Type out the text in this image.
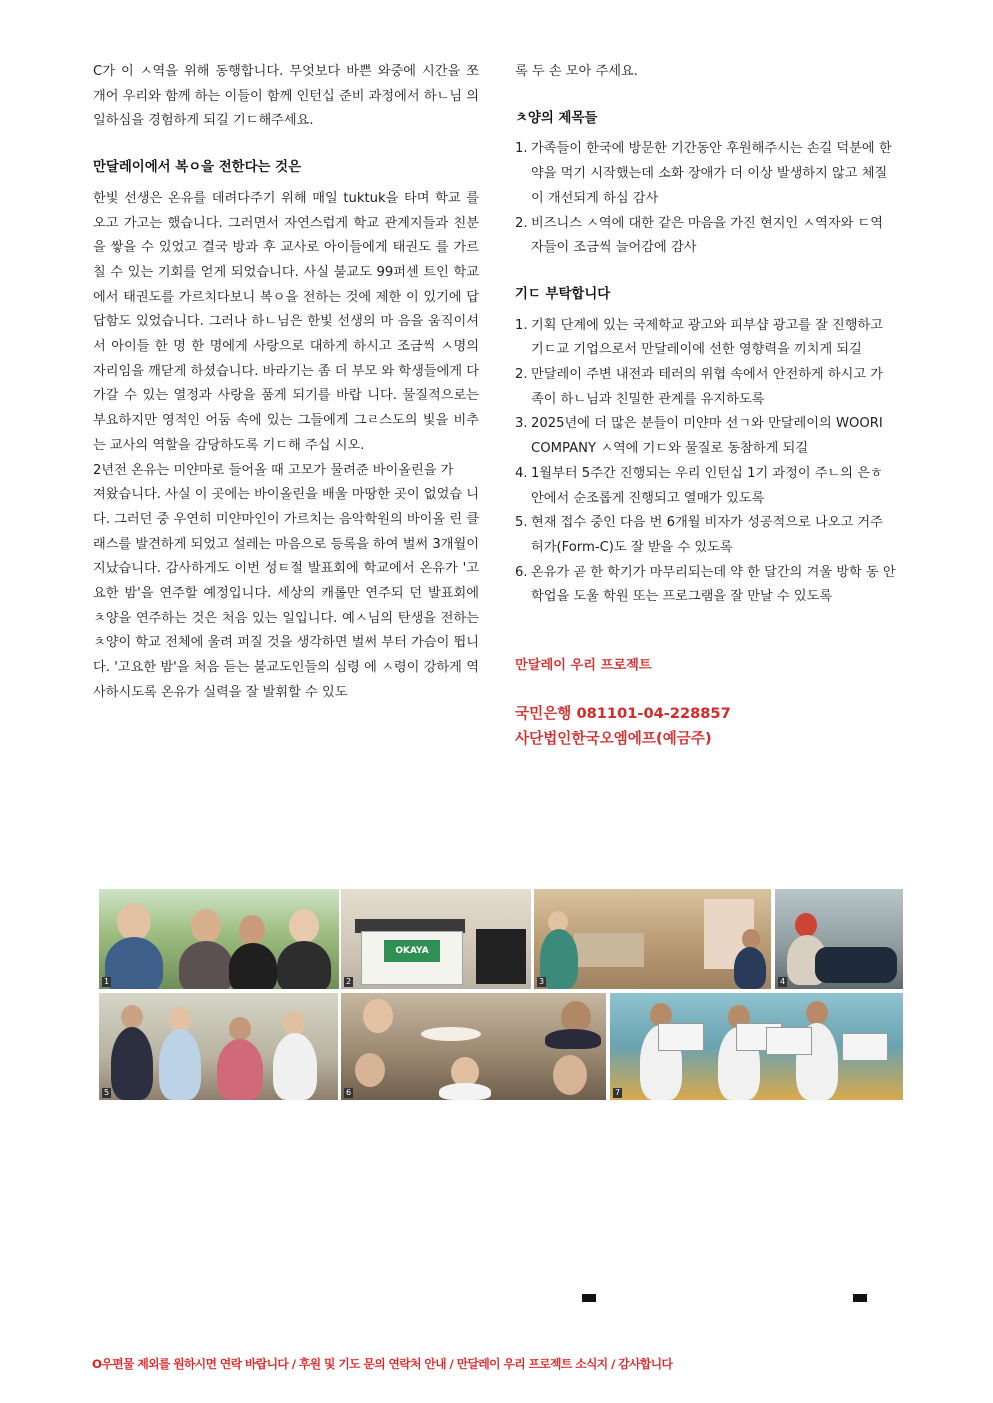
C가 이 ㅅ역을 위해 동행합니다. 무엇보다 바쁜 와중에 시간을 쪼 개어 우리와 함께 하는 이들이 함께 인턴십 준비 과정에서 하ㄴ님 의 일하심을 경험하게 되길 기ㄷ해주세요.

만달레이에서 복ㅇ을 전한다는 것은

한빛 선생은 온유를 데려다주기 위해 매일 tuktuk을 타며 학교 를 오고 가고는 했습니다. 그러면서 자연스럽게 학교 관계지들과 친분을 쌓을 수 있었고 결국 방과 후 교사로 아이들에게 태권도 를 가르칠 수 있는 기회를 얻게 되었습니다. 사실 불교도 99퍼센 트인 학교에서 태권도를 가르치다보니 복ㅇ을 전하는 것에 제한 이 있기에 답답함도 있었습니다. 그러나 하ㄴ님은 한빛 선생의 마 음을 움직이셔서 아이들 한 명 한 명에게 사랑으로 대하게 하시고 조금씩 ㅅ명의 자리임을 깨닫게 하셨습니다. 바라기는 좀 더 부모 와 학생들에게 다가갈 수 있는 열정과 사랑을 품게 되기를 바랍 니다. 물질적으로는 부요하지만 영적인 어둠 속에 있는 그들에게 그ㄹ스도의 빛을 비추는 교사의 역할을 감당하도록 기ㄷ해 주십 시오.

2년전 온유는 미얀마로 들어올 때 고모가 물려준 바이올린을 가

져왔습니다. 사실 이 곳에는 바이올린을 배울 마땅한 곳이 없었습 니다. 그러던 중 우연히 미얀마인이 가르치는 음악학원의 바이올 린 클래스를 발견하게 되었고 설레는 마음으로 등록을 하여 벌써 3개월이 지났습니다. 감사하게도 이번 성ㅌ절 발표회에 학교에서 온유가 '고요한 밤'을 연주할 예정입니다. 세상의 캐롤만 연주되 던 발표회에 ㅊ양을 연주하는 것은 처음 있는 일입니다. 예ㅅ님의 탄생을 전하는 ㅊ양이 학교 전체에 울려 퍼질 것을 생각하면 벌써 부터 가슴이 뜁니다. '고요한 밤'을 처음 듣는 불교도인들의 심령 에 ㅅ령이 강하게 역사하시도록 온유가 실력을 잘 발휘할 수 있도

록 두 손 모아 주세요.

ㅊ양의 제목들
1. 가족들이 한국에 방문한 기간동안 후원해주시는 손길 덕분에 한약을 먹기 시작했는데 소화 장애가 더 이상 발생하지 않고 체질이 개선되게 하심 감사
2. 비즈니스 ㅅ역에 대한 같은 마음을 가진 현지인 ㅅ역자와 ㄷ역 자들이 조금씩 늘어감에 감사
기ㄷ 부탁합니다
1. 기획 단계에 있는 국제학교 광고와 피부샵 광고를 잘 진행하고 기ㄷ교 기업으로서 만달레이에 선한 영향력을 끼치게 되길
2. 만달레이 주변 내전과 테러의 위협 속에서 안전하게 하시고 가 족이 하ㄴ님과 친밀한 관계를 유지하도록
3. 2025년에 더 많은 분들이 미얀마 선ㄱ와 만달레이의 WOORI COMPANY ㅅ역에 기ㄷ와 물질로 동참하게 되길
4. 1월부터 5주간 진행되는 우리 인턴십 1기 과정이 주ㄴ의 은ㅎ 안에서 순조롭게 진행되고 열매가 있도록
5. 현재 접수 중인 다음 번 6개월 비자가 성공적으로 나오고 거주 허가(Form-C)도 잘 받을 수 있도록
6. 온유가 곧 한 학기가 마무리되는데 약 한 달간의 겨울 방학 동 안 학업을 도울 학원 또는 프로그램을 잘 만날 수 있도록

만달레이 우리 프로젝트

국민은행 081101-04-228857

사단법인한국오엠에프(예금주)

1
OKAYA
2	3	4
5	6	7
O우편물 제외를 원하시면 연락 바랍니다 / 후원 및 기도 문의 연락처 안내 / 만달레이 우리 프로젝트 소식지 / 감사합니다
